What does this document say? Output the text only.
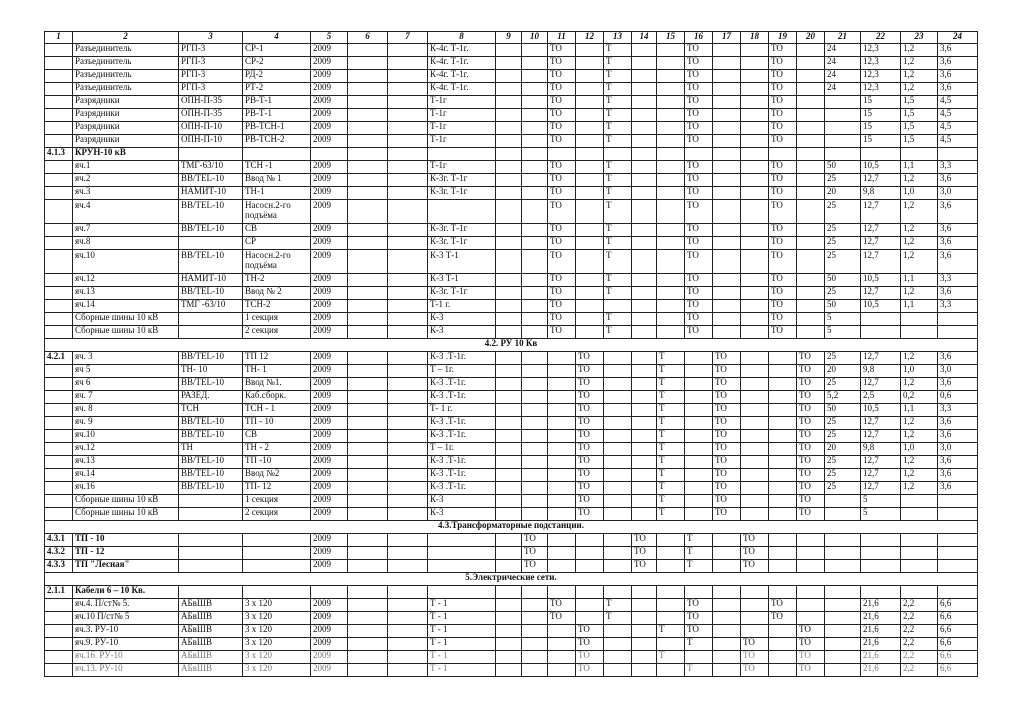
1	2	3	4	5	6	7	8	9	10	11	12	13	14	15	16	17	18	19	20	21	22	23	24
	Разъединитель	РГП-3	СР-1	2009			К-4г. Т-1г.			ТО		Т			ТО			ТО		24	12,3	1,2	3,6
	Разъединитель	РГП-3	СР-2	2009			К-4г. Т-1г.			ТО		Т			ТО			ТО		24	12,3	1,2	3,6
	Разъединитель	РГП-3	РД-2	2009			К-4г. Т-1г.			ТО		Т			ТО			ТО		24	12,3	1,2	3,6
	Разъединитель	РГП-3	РТ-2	2009			К-4г. Т-1г.			ТО		Т			ТО			ТО		24	12,3	1,2	3,6
	Разрядники	ОПН-П-35	РВ-Т-1	2009			Т-1г			ТО		Т			ТО			ТО			15	1,5	4,5
	Разрядники	ОПН-П-35	РВ-Т-1	2009			Т-1г			ТО		Т			ТО			ТО			15	1,5	4,5
	Разрядники	ОПН-П-10	РВ-ТСН-1	2009			Т-1г			ТО		Т			ТО			ТО			15	1,5	4,5
	Разрядники	ОПН-П-10	РВ-ТСН-2	2009			Т-1г			ТО		Т			ТО			ТО			15	1,5	4,5
4.1.3	КРУН-10 кВ																						
	яч.1	ТМГ-63/10	ТСН -1	2009			Т-1г			ТО		Т			ТО			ТО		50	10,5	1,1	3,3
	яч.2	ВВ/TEL-10	Ввод № 1	2009			К-3г. Т-1г			ТО		Т			ТО			ТО		25	12,7	1,2	3,6
	яч.3	НАМИТ-10	ТН-1	2009			К-3г. Т-1г			ТО		Т			ТО			ТО		20	9,8	1,0	3,0
	яч.4	ВВ/TEL-10	Насосн.2-го подъёма	2009						ТО		Т			ТО			ТО		25	12,7	1,2	3,6
	яч.7	ВВ/TEL-10	СВ	2009			К-3г. Т-1г			ТО		Т			ТО			ТО		25	12,7	1,2	3,6
	яч.8		СР	2009			К-3г. Т-1г			ТО		Т			ТО			ТО		25	12,7	1,2	3,6
	яч.10	ВВ/TEL-10	Насосн.2-го подъёма	2009			К-3 Т-1			ТО		Т			ТО			ТО		25	12,7	1,2	3,6
	яч.12	НАМИТ-10	ТН-2	2009			К-3 Т-1			ТО		Т			ТО			ТО		50	10,5	1,1	3,3
	яч.13	ВВ/TEL-10	Ввод № 2	2009			К-3г. Т-1г			ТО		Т			ТО			ТО		25	12,7	1,2	3,6
	яч.14	ТМГ -63/10	ТСН-2	2009			Т-1 г.			ТО					ТО			ТО		50	10,5	1,1	3,3
	Сборные шины 10 кВ		1 секция	2009			К-3			ТО		Т			ТО			ТО		5			
	Сборные шины 10 кВ		2 секция	2009			К-3			ТО		Т			ТО			ТО		5			
4.2. РУ 10 Кв																							
4.2.1	яч. 3	ВВ/TEL-10	ТП 12	2009			К-3 .Т-1г.				ТО			Т		ТО			ТО	25	12,7	1,2	3,6
	яч 5	ТН- 10	ТН- 1	2009			Т – 1г.				ТО			Т		ТО			ТО	20	9,8	1,0	3,0
	яч 6	ВВ/TEL-10	Ввод №1.	2009			К-3 .Т-1г.				ТО			Т		ТО			ТО	25	12,7	1,2	3,6
	яч. 7	РАЗЕД.	Каб.сборк.	2009			К-3 .Т-1г.				ТО			Т		ТО			ТО	5,2	2,5	0,2	0,6
	яч. 8	ТСН	ТСН - 1	2009			Т- 1 г.				ТО			Т		ТО			ТО	50	10,5	1,1	3,3
	яч. 9	ВВ/TEL-10	ТП - 10	2009			К-3 .Т-1г.				ТО			Т		ТО			ТО	25	12,7	1,2	3,6
	яч.10	ВВ/TEL-10	СВ	2009			К-3 .Т-1г.				ТО			Т		ТО			ТО	25	12,7	1,2	3,6
	яч.12	ТН	ТН - 2	2009			Т – 1г.				ТО			Т		ТО			ТО	20	9,8	1,0	3,0
	яч.13	ВВ/TEL-10	ТП -10	2009			К-3 .Т-1г.				ТО			Т		ТО			ТО	25	12,7	1,2	3,6
	яч.14	ВВ/TEL-10	Ввод №2	2009			К-3 .Т-1г.				ТО			Т		ТО			ТО	25	12,7	1,2	3,6
	яч.16	ВВ/TEL-10	ТП- 12	2009			К-3 .Т-1г.				ТО			Т		ТО			ТО	25	12,7	1,2	3,6
	Сборные шины 10 кВ		1 секция	2009			К-3				ТО			Т		ТО			ТО		5		
	Сборные шины 10 кВ		2 секция	2009			К-3				ТО			Т		ТО			ТО		5		
4.3.Трансформаторные подстанции.																							
4.3.1	ТП - 10			2009					ТО				ТО		Т		ТО						
4.3.2	ТП - 12			2009					ТО				ТО		Т		ТО						
4.3.3	ТП "Лесная"			2009					ТО				ТО		Т		ТО						
5.Электрические сети.																							
2.1.1	Кабели 6 – 10 Кв.																						
	яч.4. П/ст№ 5.	АБвШВ	3 х 120	2009			Т - 1			ТО		Т			ТО			ТО			21,6	2,2	6,6
	яч.10 П/ст№ 5	АБвШВ	3 х 120	2009			Т - 1			ТО		Т			ТО			ТО			21,6	2,2	6,6
	яч.3. РУ-10	АБвШВ	3 х 120	2009			Т - 1				ТО			Т	ТО				ТО		21,6	2,2	6,6
	яч.9. РУ-10	АБвШВ	3 х 120	2009			Т - 1				ТО				Т		ТО		ТО		21,6	2,2	6,6
	яч.16. РУ-10	АБвШВ	3 х 120	2009			Т - 1				ТО			Т			ТО		ТО		21,6	2,2	6,6
	яч.13. РУ-10	АБвШВ	3 х 120	2009			Т - 1				ТО				Т		ТО		ТО		21,6	2,2	6,6
